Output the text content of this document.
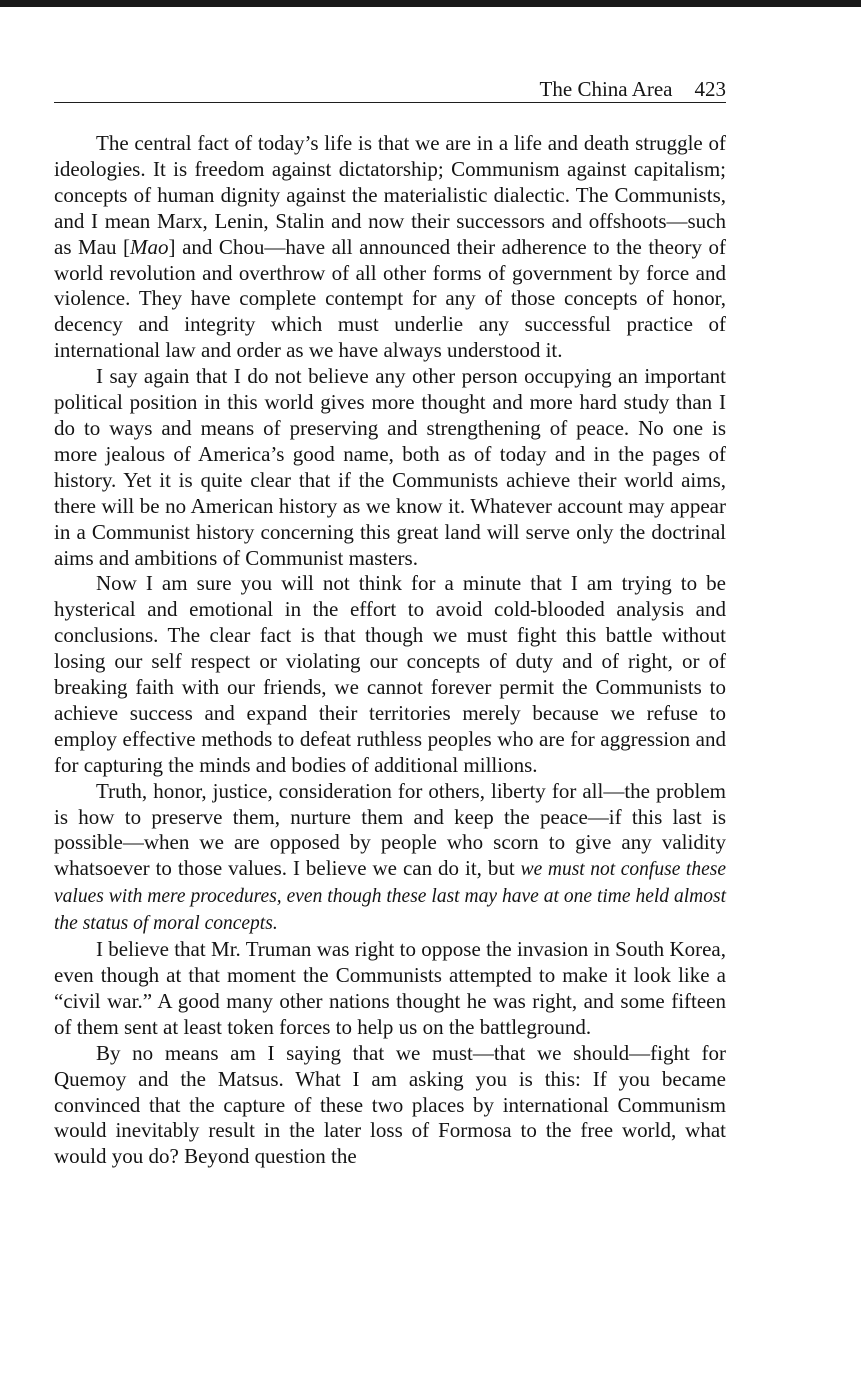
The China Area 423

The central fact of today’s life is that we are in a life and death struggle of ideologies. It is freedom against dictatorship; Communism against capitalism; concepts of human dignity against the materialistic dialectic. The Communists, and I mean Marx, Lenin, Stalin and now their successors and offshoots—such as Mau [Mao] and Chou—have all announced their adherence to the theory of world revolution and overthrow of all other forms of government by force and violence. They have complete contempt for any of those concepts of honor, decency and integrity which must underlie any successful practice of international law and order as we have always understood it.

I say again that I do not believe any other person occupying an important political position in this world gives more thought and more hard study than I do to ways and means of preserving and strengthening of peace. No one is more jealous of America’s good name, both as of today and in the pages of history. Yet it is quite clear that if the Communists achieve their world aims, there will be no American history as we know it. Whatever account may appear in a Communist history concerning this great land will serve only the doctrinal aims and ambitions of Communist masters.

Now I am sure you will not think for a minute that I am trying to be hysterical and emotional in the effort to avoid cold-blooded analysis and conclusions. The clear fact is that though we must fight this battle without losing our self respect or violating our concepts of duty and of right, or of breaking faith with our friends, we cannot forever permit the Communists to achieve success and expand their territories merely because we refuse to employ effective methods to defeat ruthless peoples who are for aggression and for capturing the minds and bodies of additional millions.

Truth, honor, justice, consideration for others, liberty for all—the problem is how to preserve them, nurture them and keep the peace—if this last is possible—when we are opposed by people who scorn to give any validity whatsoever to those values. I believe we can do it, but we must not confuse these values with mere procedures, even though these last may have at one time held almost the status of moral concepts.

I believe that Mr. Truman was right to oppose the invasion in South Korea, even though at that moment the Communists attempted to make it look like a “civil war.” A good many other nations thought he was right, and some fifteen of them sent at least token forces to help us on the battleground.

By no means am I saying that we must—that we should—fight for Quemoy and the Matsus. What I am asking you is this: If you became convinced that the capture of these two places by international Communism would inevitably result in the later loss of Formosa to the free world, what would you do? Beyond question the
